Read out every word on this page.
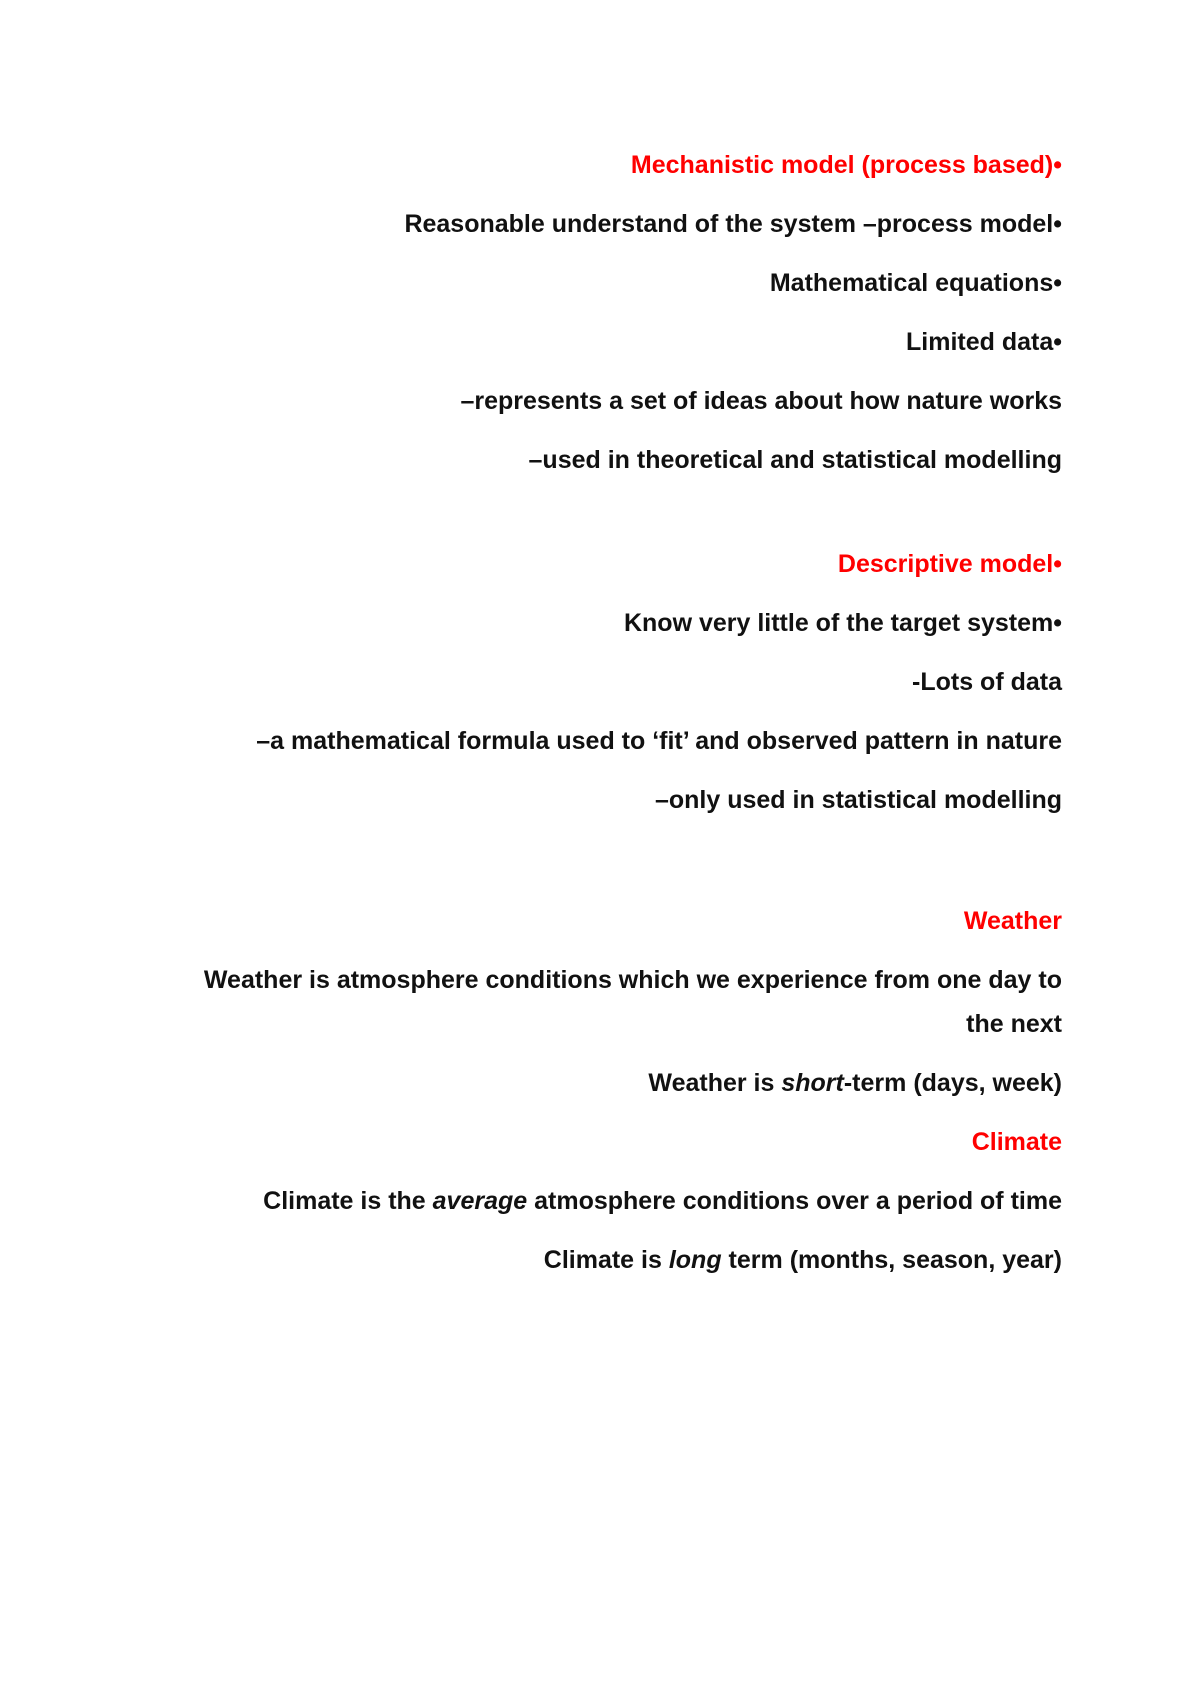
Mechanistic model (process based)•
Reasonable understand of the system –process model•
Mathematical equations•
Limited data•
–represents a set of ideas about how nature works
–used in theoretical and statistical modelling
Descriptive model•
Know very little of the target system•
-Lots of data
–a mathematical formula used to ‘fit’ and observed pattern in nature
–only used in statistical modelling
Weather
Weather is atmosphere conditions which we experience from one day to the next
Weather is short-term (days, week)
Climate
Climate is the average atmosphere conditions over a period of time
Climate is long term (months, season, year)
